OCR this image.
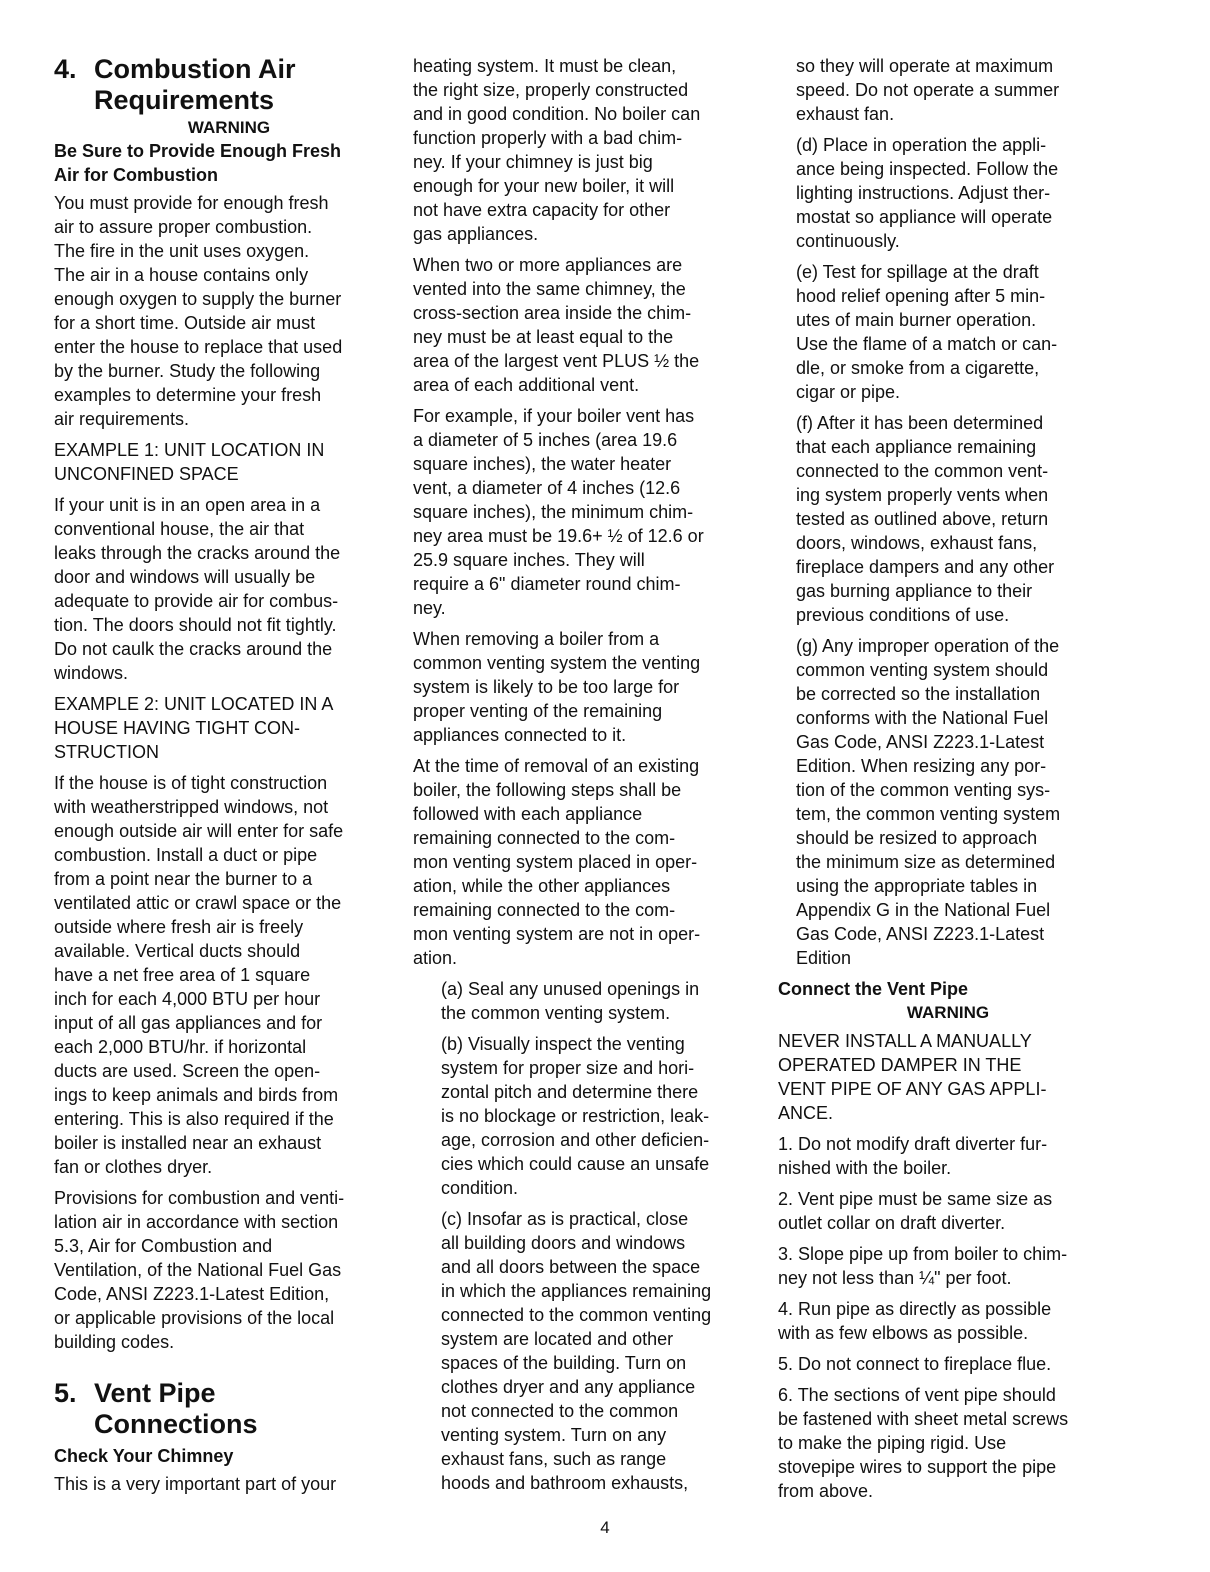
4. Combustion Air
Requirements
WARNING
Be Sure to Provide Enough Fresh
Air for Combustion

You must provide for enough fresh
air to assure proper combustion.
The fire in the unit uses oxygen.
The air in a house contains only
enough oxygen to supply the burner
for a short time. Outside air must
enter the house to replace that used
by the burner. Study the following
examples to determine your fresh
air requirements.

EXAMPLE 1: UNIT LOCATION IN
UNCONFINED SPACE

If your unit is in an open area in a
conventional house, the air that
leaks through the cracks around the
door and windows will usually be
adequate to provide air for combus-
tion. The doors should not fit tightly.
Do not caulk the cracks around the
windows.

EXAMPLE 2: UNIT LOCATED IN A
HOUSE HAVING TIGHT CON-
STRUCTION

If the house is of tight construction
with weatherstripped windows, not
enough outside air will enter for safe
combustion. Install a duct or pipe
from a point near the burner to a
ventilated attic or crawl space or the
outside where fresh air is freely
available. Vertical ducts should
have a net free area of 1 square
inch for each 4,000 BTU per hour
input of all gas appliances and for
each 2,000 BTU/hr. if horizontal
ducts are used. Screen the open-
ings to keep animals and birds from
entering. This is also required if the
boiler is installed near an exhaust
fan or clothes dryer.

Provisions for combustion and venti-
lation air in accordance with section
5.3, Air for Combustion and
Ventilation, of the National Fuel Gas
Code, ANSI Z223.1-Latest Edition,
or applicable provisions of the local
building codes.

5. Vent Pipe
Connections
Check Your Chimney

This is a very important part of your

heating system. It must be clean,
the right size, properly constructed
and in good condition. No boiler can
function properly with a bad chim-
ney. If your chimney is just big
enough for your new boiler, it will
not have extra capacity for other
gas appliances.

When two or more appliances are
vented into the same chimney, the
cross-section area inside the chim-
ney must be at least equal to the
area of the largest vent PLUS ½ the
area of each additional vent.

For example, if your boiler vent has
a diameter of 5 inches (area 19.6
square inches), the water heater
vent, a diameter of 4 inches (12.6
square inches), the minimum chim-
ney area must be 19.6+ ½ of 12.6 or
25.9 square inches. They will
require a 6" diameter round chim-
ney.

When removing a boiler from a
common venting system the venting
system is likely to be too large for
proper venting of the remaining
appliances connected to it.

At the time of removal of an existing
boiler, the following steps shall be
followed with each appliance
remaining connected to the com-
mon venting system placed in oper-
ation, while the other appliances
remaining connected to the com-
mon venting system are not in oper-
ation.

(a) Seal any unused openings in
the common venting system.

(b) Visually inspect the venting
system for proper size and hori-
zontal pitch and determine there
is no blockage or restriction, leak-
age, corrosion and other deficien-
cies which could cause an unsafe
condition.

(c) Insofar as is practical, close
all building doors and windows
and all doors between the space
in which the appliances remaining
connected to the common venting
system are located and other
spaces of the building. Turn on
clothes dryer and any appliance
not connected to the common
venting system. Turn on any
exhaust fans, such as range
hoods and bathroom exhausts,

so they will operate at maximum
speed. Do not operate a summer
exhaust fan.

(d) Place in operation the appli-
ance being inspected. Follow the
lighting instructions. Adjust ther-
mostat so appliance will operate
continuously.

(e) Test for spillage at the draft
hood relief opening after 5 min-
utes of main burner operation.
Use the flame of a match or can-
dle, or smoke from a cigarette,
cigar or pipe.

(f) After it has been determined
that each appliance remaining
connected to the common vent-
ing system properly vents when
tested as outlined above, return
doors, windows, exhaust fans,
fireplace dampers and any other
gas burning appliance to their
previous conditions of use.

(g) Any improper operation of the
common venting system should
be corrected so the installation
conforms with the National Fuel
Gas Code, ANSI Z223.1-Latest
Edition. When resizing any por-
tion of the common venting sys-
tem, the common venting system
should be resized to approach
the minimum size as determined
using the appropriate tables in
Appendix G in the National Fuel
Gas Code, ANSI Z223.1-Latest
Edition

Connect the Vent Pipe
WARNING

NEVER INSTALL A MANUALLY
OPERATED DAMPER IN THE
VENT PIPE OF ANY GAS APPLI-
ANCE.

1. Do not modify draft diverter fur-
nished with the boiler.

2. Vent pipe must be same size as
outlet collar on draft diverter.

3. Slope pipe up from boiler to chim-
ney not less than ¼" per foot.

4. Run pipe as directly as possible
with as few elbows as possible.

5. Do not connect to fireplace flue.

6. The sections of vent pipe should
be fastened with sheet metal screws
to make the piping rigid. Use
stovepipe wires to support the pipe
from above.

4
